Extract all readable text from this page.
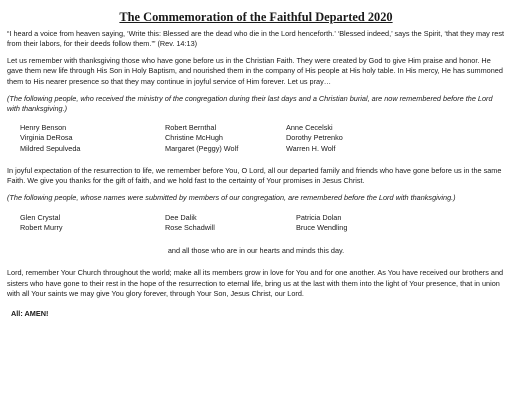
The Commemoration of the Faithful Departed 2020

“I heard a voice from heaven saying, ‘Write this: Blessed are the dead who die in the Lord henceforth.’ ‘Blessed indeed,’ says the Spirit, ‘that they may rest from their labors, for their deeds follow them.’” (Rev. 14:13)

Let us remember with thanksgiving those who have gone before us in the Christian Faith. They were created by God to give Him praise and honor. He gave them new life through His Son in Holy Baptism, and nourished them in the company of His people at His holy table. In His mercy, He has summoned them to His nearer presence so that they may continue in joyful service of Him forever. Let us pray…

(The following people, who received the ministry of the congregation during their last days and a Christian burial, are now remembered before the Lord with thanksgiving.)

Henry Benson	Robert Bernthal	Anne Cecelski
Virginia DeRosa	Christine McHugh	Dorothy Petrenko
Mildred Sepulveda	Margaret (Peggy) Wolf	Warren H. Wolf

In joyful expectation of the resurrection to life, we remember before You, O Lord, all our departed family and friends who have gone before us in the same Faith. We give you thanks for the gift of faith, and we hold fast to the certainty of Your promises in Jesus Christ.

(The following people, whose names were submitted by members of our congregation, are remembered before the Lord with thanksgiving.)

Glen Crystal	Dee Dalik	Patricia Dolan
Robert Murry	Rose Schadwill	Bruce Wendling

and all those who are in our hearts and minds this day.

Lord, remember Your Church throughout the world; make all its members grow in love for You and for one another. As You have received our brothers and sisters who have gone to their rest in the hope of the resurrection to eternal life, bring us at the last with them into the light of Your presence, that in union with all Your saints we may give You glory forever, through Your Son, Jesus Christ, our Lord.

All: AMEN!
